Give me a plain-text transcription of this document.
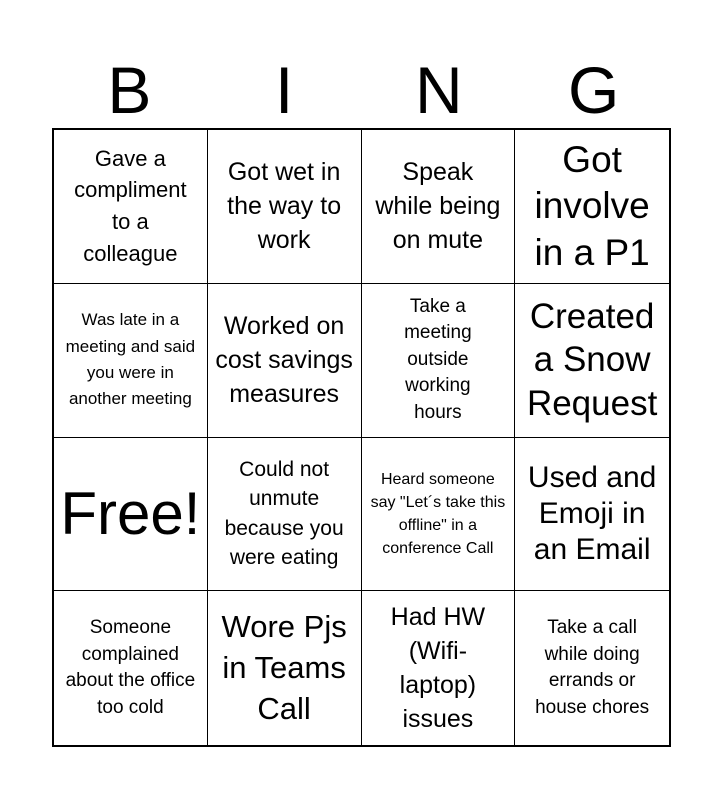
B	I	N	G
Gave a compliment to a colleague
Got wet in the way to work
Speak while being on mute
Got involve in a P1
Was late in a meeting and said you were in another meeting
Worked on cost savings measures
Take a meeting outside working hours
Created a Snow Request
Free!
Could not unmute because you were eating
Heard someone say "Let´s take this offline" in a conference Call
Used and Emoji in an Email
Someone complained about the office too cold
Wore Pjs in Teams Call
Had HW (Wifi-laptop) issues
Take a call while doing errands or house chores
